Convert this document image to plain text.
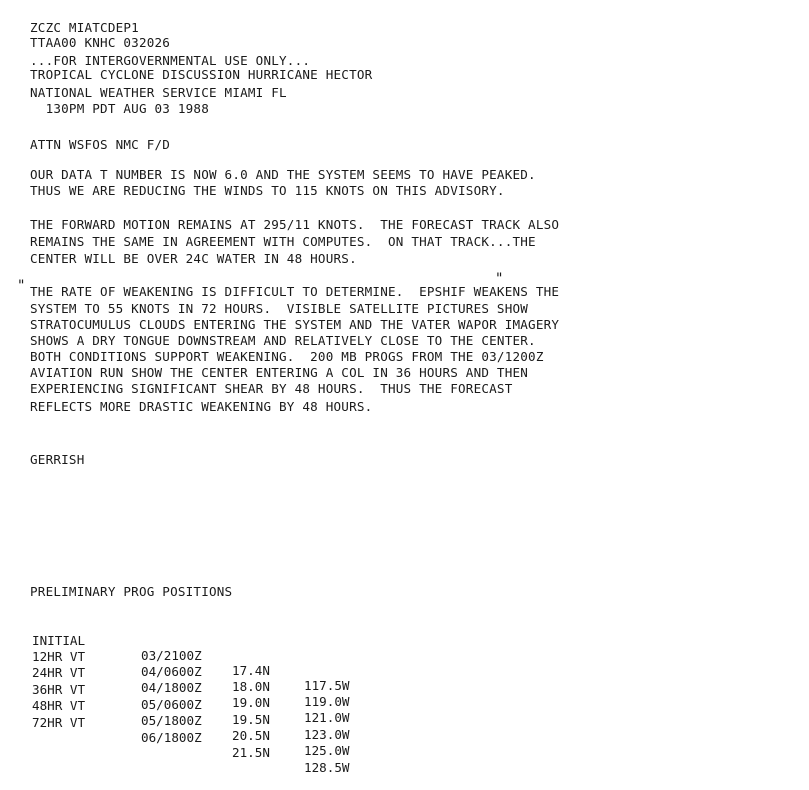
ZCZC MIATCDEP1
TTAA00 KNHC 032026
...FOR INTERGOVERNMENTAL USE ONLY...
TROPICAL CYCLONE DISCUSSION HURRICANE HECTOR
NATIONAL WEATHER SERVICE MIAMI FL
130PM PDT AUG 03 1988
ATTN WSFOS NMC F/D
OUR DATA T NUMBER IS NOW 6.0 AND THE SYSTEM SEEMS TO HAVE PEAKED.
THUS WE ARE REDUCING THE WINDS TO 115 KNOTS ON THIS ADVISORY.
THE FORWARD MOTION REMAINS AT 295/11 KNOTS.  THE FORECAST TRACK ALSO
REMAINS THE SAME IN AGREEMENT WITH COMPUTES.  ON THAT TRACK...THE
CENTER WILL BE OVER 24C WATER IN 48 HOURS.
"	"
THE RATE OF WEAKENING IS DIFFICULT TO DETERMINE.  EPSHIF WEAKENS THE
SYSTEM TO 55 KNOTS IN 72 HOURS.  VISIBLE SATELLITE PICTURES SHOW
STRATOCUMULUS CLOUDS ENTERING THE SYSTEM AND THE VATER WAPOR IMAGERY
SHOWS A DRY TONGUE DOWNSTREAM AND RELATIVELY CLOSE TO THE CENTER.
BOTH CONDITIONS SUPPORT WEAKENING.  200 MB PROGS FROM THE 03/1200Z
AVIATION RUN SHOW THE CENTER ENTERING A COL IN 36 HOURS AND THEN
EXPERIENCING SIGNIFICANT SHEAR BY 48 HOURS.  THUS THE FORECAST
REFLECTS MORE DRASTIC WEAKENING BY 48 HOURS.
GERRISH
PRELIMINARY PROG POSITIONS

INITIAL

03/2100Z

17.4N

117.5W

12HR VT

04/0600Z

18.0N

119.0W

24HR VT

04/1800Z

19.0N

121.0W

36HR VT

05/0600Z

19.5N

123.0W

48HR VT

05/1800Z

20.5N

125.0W

72HR VT

06/1800Z

21.5N

128.5W
